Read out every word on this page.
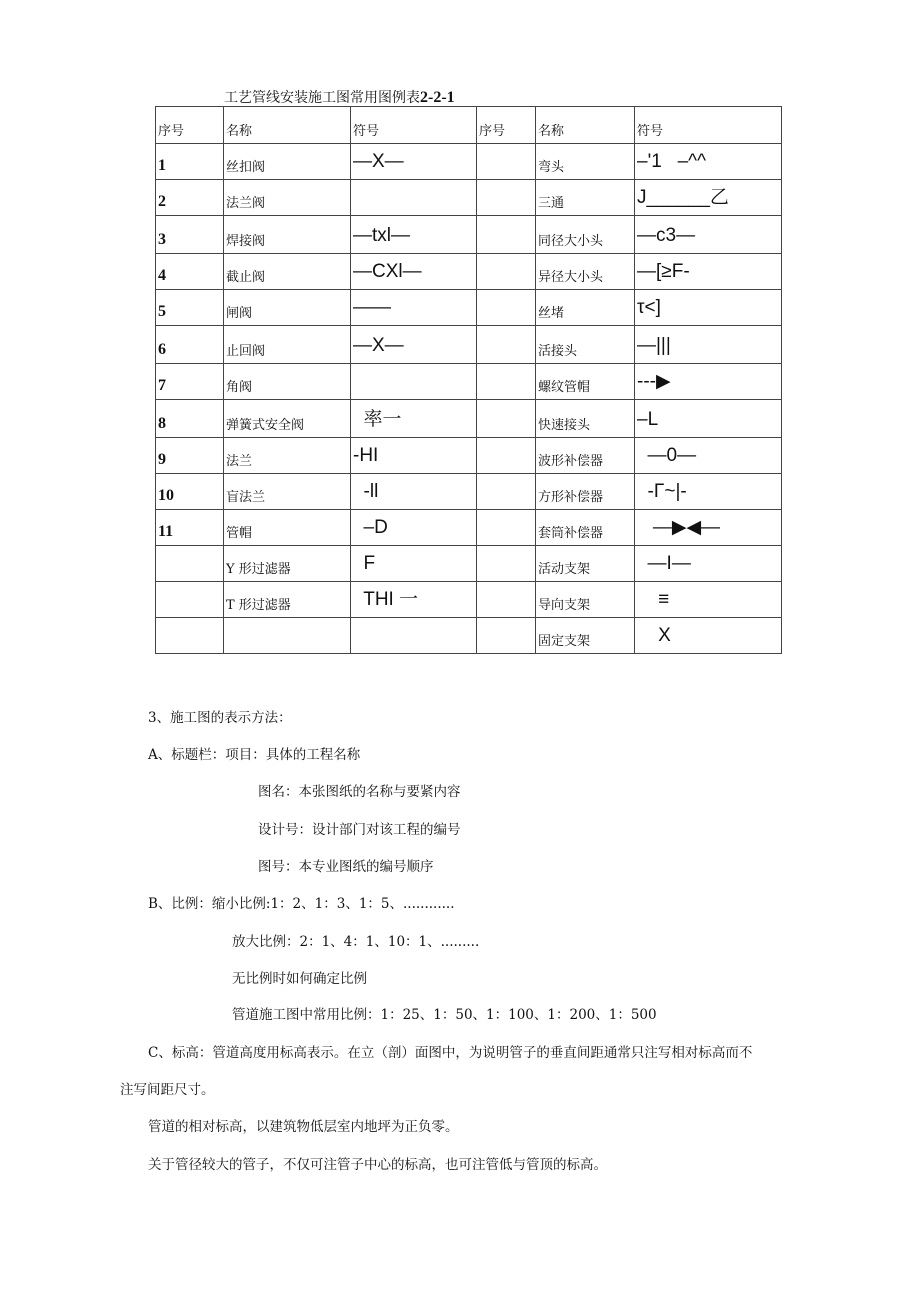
工艺管线安装施工图常用图例表2-2-1
序号	名称	符号	序号	名称	符号
1	丝扣阀	—X—		弯头	–'1   –^^
2	法兰阀			三通	J______乙
3	焊接阀	—txl—		同径大小头	—c3—
4	截止阀	—CXl—		异径大小头	—[≥F-
5	闸阀	——		丝堵	τ<]
6	止回阀	—X—		活接头	—|||
7	角阀			螺纹管帽	---▶
8	弹簧式安全阀	率一		快速接头	–L
9	法兰	-HI		波形补偿器	—0—
10	盲法兰	-ll		方形补偿器	-Γ~|-
11	管帽	–D		套筒补偿器	—▶◀—
	Y 形过滤器	F		活动支架	—I—
	T 形过滤器	THI 一		导向支架	≡
				固定支架	X
3、施工图的表示方法：
A、标题栏：项目：具体的工程名称
图名：本张图纸的名称与要紧内容
设计号：设计部门对该工程的编号
图号：本专业图纸的编号顺序
B、比例：缩小比例:1：2、1：3、1：5、............
放大比例：2：1、4：1、10：1、.........
无比例时如何确定比例
管道施工图中常用比例：1：25、1：50、1：100、1：200、1：500
C、标高：管道高度用标高表示。在立（剖）面图中，为说明管子的垂直间距通常只注写相对标高而不
注写间距尺寸。
管道的相对标高，以建筑物低层室内地坪为正负零。
关于管径较大的管子，不仅可注管子中心的标高，也可注管低与管顶的标高。
